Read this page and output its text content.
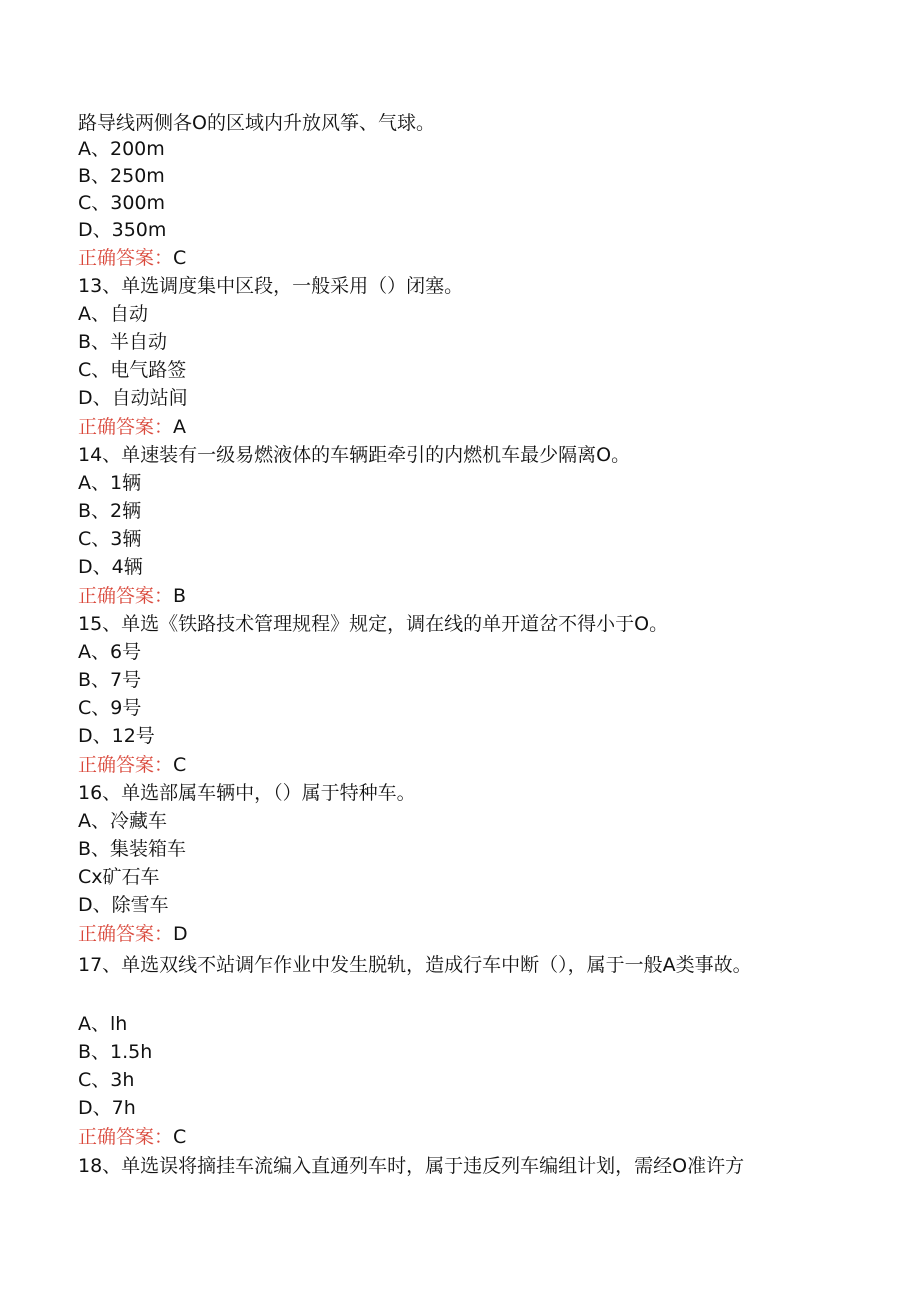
路导线两侧各O的区域内升放风筝、气球。
A、200m
B、250m
C、300m
D、350m
正确答案：C
13、单选调度集中区段，一般采用（）闭塞。
A、自动
B、半自动
C、电气路签
D、自动站间
正确答案：A
14、单速装有一级易燃液体的车辆距牵引的内燃机车最少隔离O。
A、1辆
B、2辆
C、3辆
D、4辆
正确答案：B
15、单选《铁路技术管理规程》规定，调在线的单开道岔不得小于O。
A、6号
B、7号
C、9号
D、12号
正确答案：C
16、单选部属车辆中，（）属于特种车。
A、冷藏车
B、集装箱车
Cx矿石车
D、除雪车
正确答案：D
17、单选双线不站调乍作业中发生脱轨，造成行车中断（），属于一般A类事故。
A、lh
B、1.5h
C、3h
D、7h
正确答案：C
18、单选误将摘挂车流编入直通列车时，属于违反列车编组计划，需经O准许方
